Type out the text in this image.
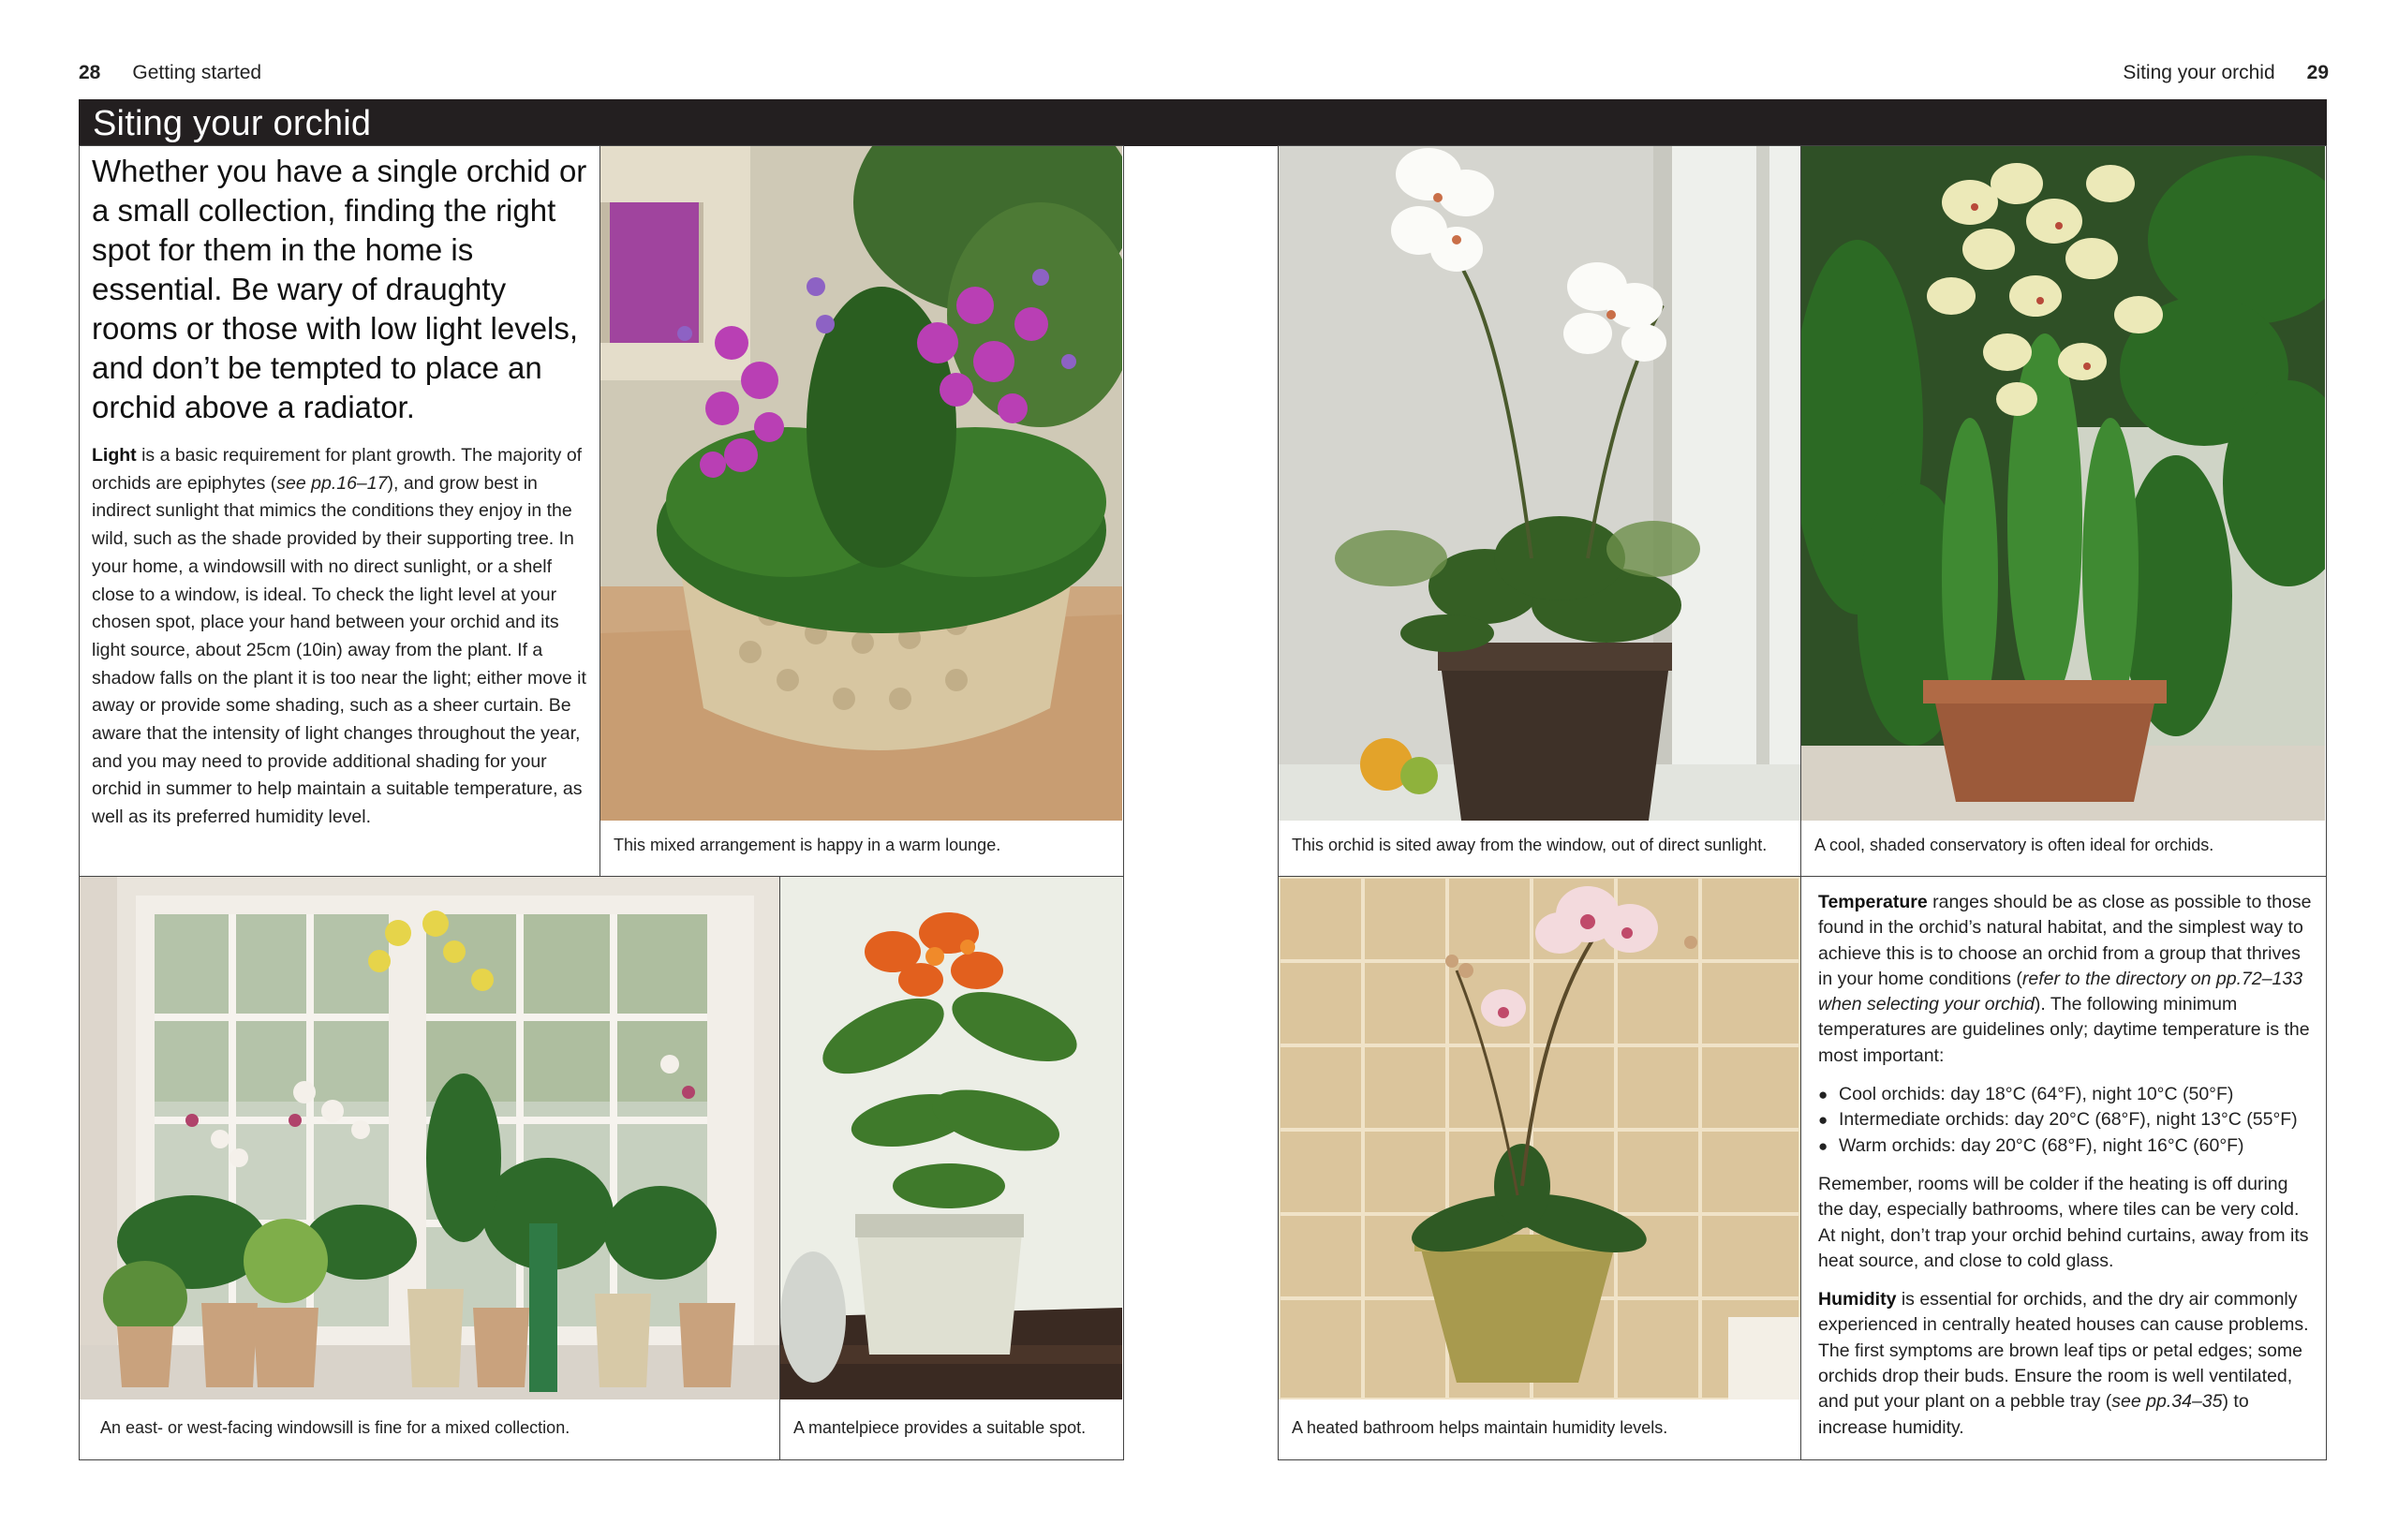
28 Getting started	Siting your orchid 29
Siting your orchid
Whether you have a single orchid or a small collection, finding the right spot for them in the home is essential. Be wary of draughty rooms or those with low light levels, and don’t be tempted to place an orchid above a radiator.
Light is a basic requirement for plant growth. The majority of orchids are epiphytes (see pp.16–17), and grow best in indirect sunlight that mimics the conditions they enjoy in the wild, such as the shade provided by their supporting tree. In your home, a windowsill with no direct sunlight, or a shelf close to a window, is ideal. To check the light level at your chosen spot, place your hand between your orchid and its light source, about 25cm (10in) away from the plant. If a shadow falls on the plant it is too near the light; either move it away or provide some shading, such as a sheer curtain. Be aware that the intensity of light changes throughout the year, and you may need to provide additional shading for your orchid in summer to help maintain a suitable temperature, as well as its preferred humidity level.
This mixed arrangement is happy in a warm lounge.
An east- or west-facing windowsill is fine for a mixed collection.	A mantelpiece provides a suitable spot.
This orchid is sited away from the window, out of direct sunlight.	A cool, shaded conservatory is often ideal for orchids.
A heated bathroom helps maintain humidity levels.

Temperature ranges should be as close as possible to those found in the orchid’s natural habitat, and the simplest way to achieve this is to choose an orchid from a group that thrives in your home conditions (refer to the directory on pp.72–133 when selecting your orchid). The following minimum temperatures are guidelines only; daytime temperature is the most important:

● Cool orchids: day 18°C (64°F), night 10°C (50°F)
● Intermediate orchids: day 20°C (68°F), night 13°C (55°F)
● Warm orchids: day 20°C (68°F), night 16°C (60°F)

Remember, rooms will be colder if the heating is off during the day, especially bathrooms, where tiles can be very cold. At night, don’t trap your orchid behind curtains, away from its heat source, and close to cold glass.

Humidity is essential for orchids, and the dry air commonly experienced in centrally heated houses can cause problems. The first symptoms are brown leaf tips or petal edges; some orchids drop their buds. Ensure the room is well ventilated, and put your plant on a pebble tray (see pp.34–35) to increase humidity.
